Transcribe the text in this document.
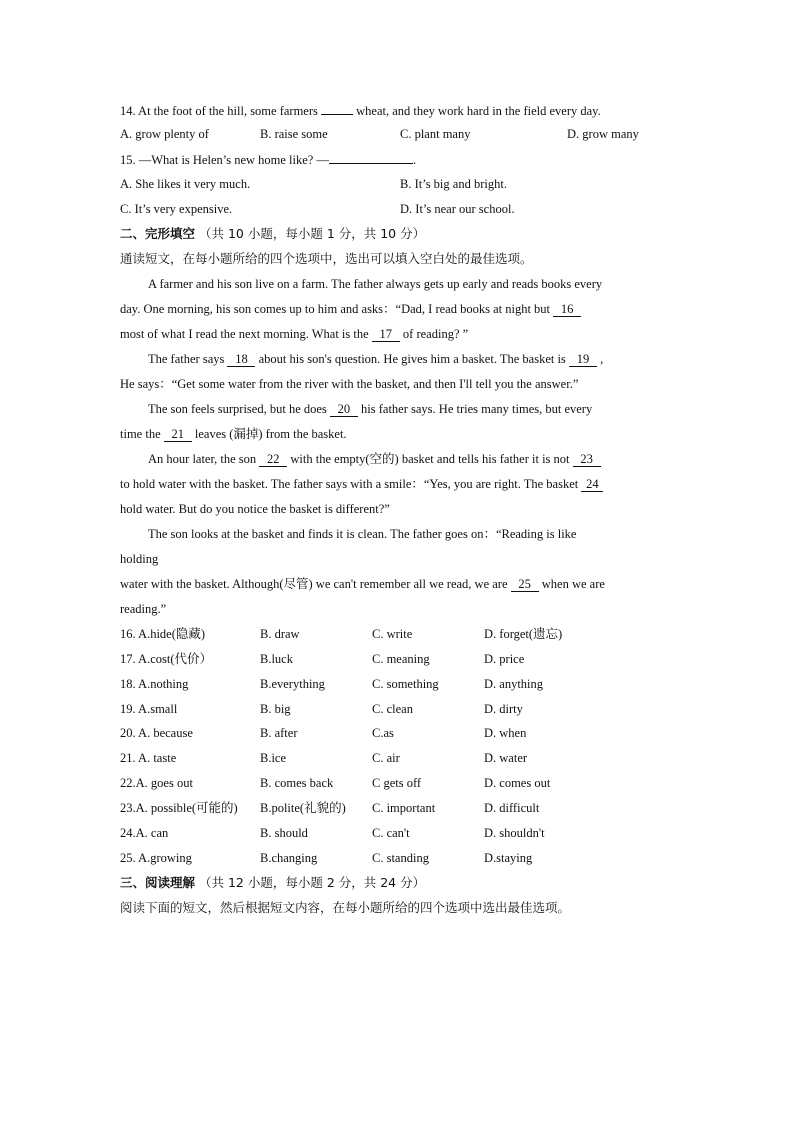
14. At the foot of the hill, some farmers	wheat, and they work hard in the field every day.
A. grow plenty of	B. raise some	C. plant many	D. grow many
15. —What is Helen’s new home like? —	.
A. She likes it very much.	B. It’s big and bright.
C. It’s very expensive.	D. It’s near our school.
二、完形填空 （共 10 小题，每小题 1 分，共 10 分）
通读短文，在每小题所给的四个选项中，选出可以填入空白处的最佳选项。
A farmer and his son live on a farm. The father always gets up early and reads books every
day. One morning, his son comes up to him and asks：“Dad, I read books at night but 16
most of what I read the next morning. What is the 17 of reading? ”
The father says 18 about his son's question. He gives him a basket. The basket is 19 ,
He says：“Get some water from the river with the basket, and then I'll tell you the answer.”
The son feels surprised, but he does 20 his father says. He tries many times, but every
time the 21 leaves (漏掉) from the basket.
An hour later, the son 22 with the empty(空的) basket and tells his father it is not 23
to hold water with the basket. The father says with a smile：“Yes, you are right. The basket 24
hold water. But do you notice the basket is different?”
The son looks at the basket and finds it is clean. The father goes on：“Reading is like
holding
water with the basket. Although(尽管) we can't remember all we read, we are 25 when we are
reading.”
16. A.hide(隐藏)	B. draw	C. write	D. forget(遗忘)
17. A.cost(代价）	B.luck	C. meaning	D. price
18. A.nothing	B.everything	C. something	D. anything
19. A.small	B. big	C. clean	D. dirty
20. A. because	B. after	C.as	D. when
21. A. taste	B.ice	C. air	D. water
22.A. goes out	B. comes back	C gets off	D. comes out
23.A. possible(可能的) B.polite(礼貌的) C. important	D. difficult
24.A. can	B. should	C. can't	D. shouldn't
25. A.growing	B.changing	C. standing	D.staying
三、阅读理解 （共 12 小题，每小题 2 分，共 24 分）
阅读下面的短文，然后根据短文内容，在每小题所给的四个选项中选出最佳选项。
